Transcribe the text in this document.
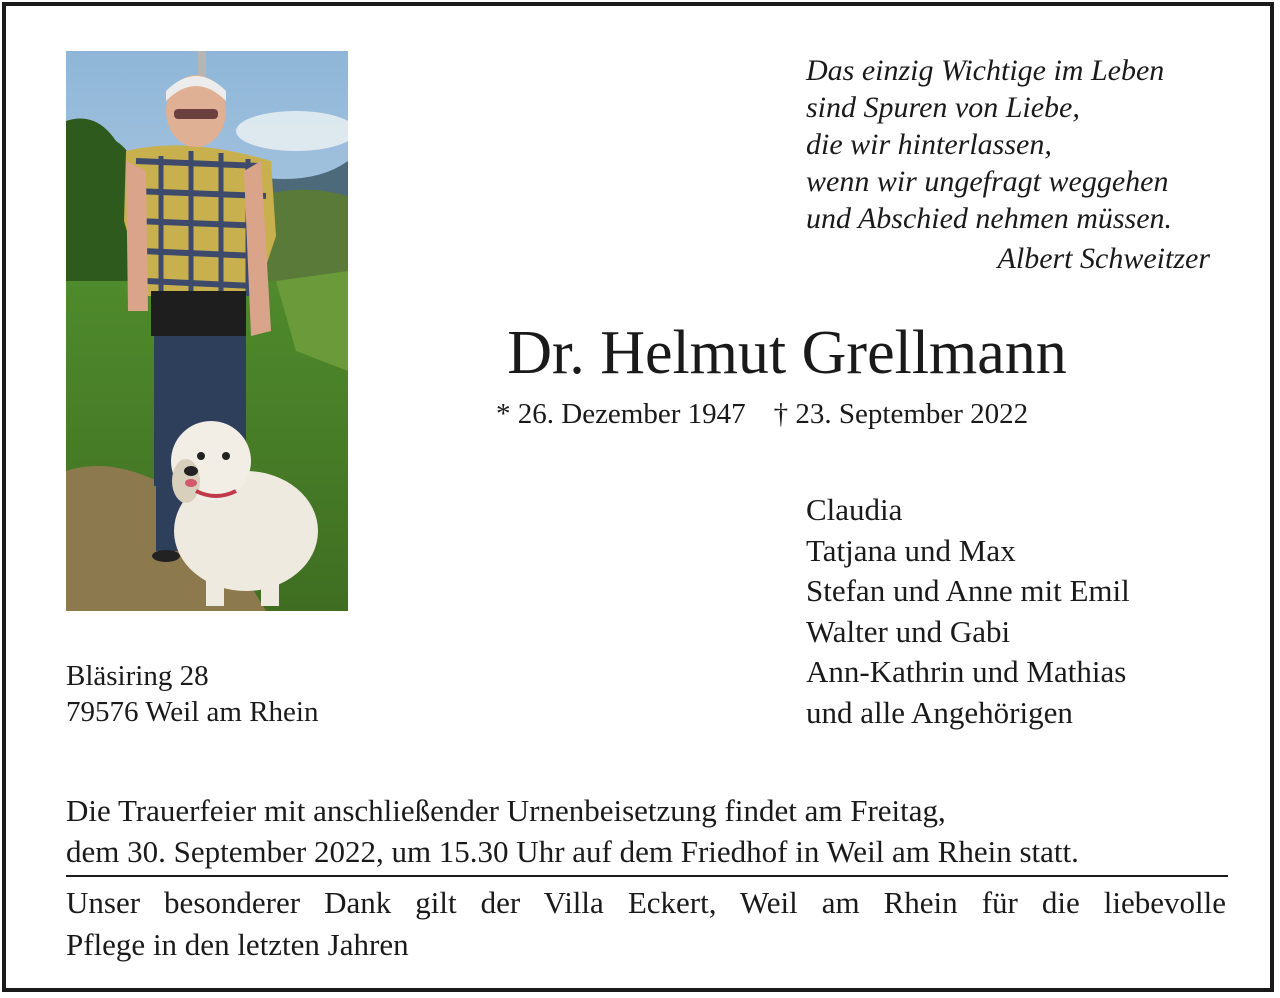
Das einzig Wichtige im Leben
sind Spuren von Liebe,
die wir hinterlassen,
wenn wir ungefragt weggehen
und Abschied nehmen müssen.
Albert Schweitzer
Dr. Helmut Grellmann
* 26. Dezember 1947 † 23. September 2022
Claudia
Tatjana und Max
Stefan und Anne mit Emil
Walter und Gabi
Ann-Kathrin und Mathias
und alle Angehörigen
Bläsiring 28
79576 Weil am Rhein
Die Trauerfeier mit anschließender Urnenbeisetzung findet am Freitag,
dem 30. September 2022, um 15.30 Uhr auf dem Friedhof in Weil am Rhein statt.
Unser besonderer Dank gilt der Villa Eckert, Weil am Rhein für die liebevolle
Pflege in den letzten Jahren
